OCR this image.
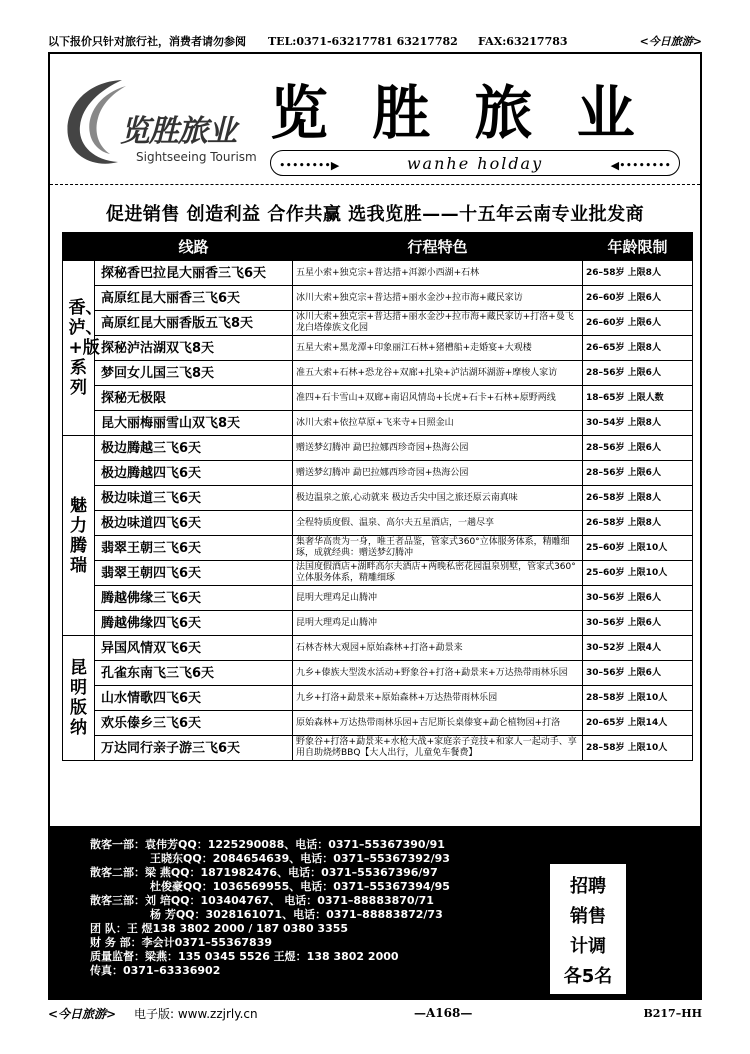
以下报价只针对旅行社，消费者请勿参阅	TEL:0371-63217781 63217782	FAX:63217783	<今日旅游>
览胜旅业
Sightseeing Tourism
览 胜 旅 业
••••••••▶	wanhe holday	◀••••••••
促进销售 创造利益 合作共赢 选我览胜——十五年云南专业批发商
	线路	行程特色	年龄限制

香、泸、+版系列	探秘香巴拉昆大丽香三飞6天	五星小索+独克宗+普达措+洱源小西湖+石林	26–58岁 上限8人
	高原红昆大丽香三飞6天	冰川大索+独克宗+普达措+丽水金沙+拉市海+藏民家访	26–60岁 上限6人
	高原红昆大丽香版五飞8天	冰川大索+独克宗+普达措+丽水金沙+拉市海+藏民家访+打洛+曼飞龙白塔傣族文化园	26–60岁 上限6人
	探秘泸沽湖双飞8天	五星大索+黑龙潭+印象丽江石林+猪槽船+走婚宴+大观楼	26–65岁 上限8人
	梦回女儿国三飞8天	准五大索+石林+恐龙谷+双廊+扎染+泸沽湖环湖游+摩梭人家访	28–56岁 上限6人
	探秘无极限	准四+石卡雪山+双廊+南诏风情岛+长虎+石卡+石林+原野两线	18–65岁 上限人数
	昆大丽梅丽雪山双飞8天	冰川大索+依拉草原+飞来寺+日照金山	30–54岁 上限8人

魅力腾瑞	极边腾越三飞6天	赠送梦幻腾冲 勐巴拉娜西珍奇园+热海公园	28–56岁 上限6人
	极边腾越四飞6天	赠送梦幻腾冲 勐巴拉娜西珍奇园+热海公园	28–56岁 上限6人
	极边味道三飞6天	极边温泉之旅,心动就来 极边舌尖中国之旅还原云南真味	26–58岁 上限8人
	极边味道四飞6天	全程特质度假、温泉、高尔夫五星酒店，一趟尽享	26–58岁 上限8人
	翡翠王朝三飞6天	集奢华高贵为一身，唯王者品鉴，管家式360°立体服务体系，精雕细琢，成就经典：赠送梦幻腾冲	25–60岁 上限10人
	翡翠王朝四飞6天	法国度假酒店+湖畔高尔夫酒店+两晚私密花园温泉别墅，管家式360°立体服务体系，精雕细琢	25–60岁 上限10人
	腾越佛缘三飞6天	昆明大理鸡足山腾冲	30–56岁 上限6人
	腾越佛缘四飞6天	昆明大理鸡足山腾冲	30–56岁 上限6人

昆明版纳	异国风情双飞6天	石林杏林大观园+原始森林+打洛+勐景来	30–52岁 上限4人
	孔雀东南飞三飞6天	九乡+傣族大型泼水活动+野象谷+打洛+勐景来+万达热带雨林乐园	30–56岁 上限6人
	山水情歌四飞6天	九乡+打洛+勐景来+原始森林+万达热带雨林乐园	28–58岁 上限10人
	欢乐傣乡三飞6天	原始森林+万达热带雨林乐园+吉尼斯长桌傣宴+勐仑植物园+打洛	20–65岁 上限14人
	万达同行亲子游三飞6天	野象谷+打洛+勐景来+水枪大战+家庭亲子竞技+和家人一起动手、享用自助烧烤BBQ【大人出行，儿童免车餐费】	28–58岁 上限10人
散客一部：袁伟芳QQ：1225290088、电话：0371–55367390/91
王晓东QQ：2084654639、电话：0371–55367392/93
散客二部：梁 燕QQ：1871982476、电话：0371–55367396/97
杜俊豪QQ：1036569955、电话：0371–55367394/95
散客三部：刘 培QQ：103404767、 电话：0371–88883870/71
杨 芳QQ：3028161071、电话：0371–88883872/73
团 队：王 煜138 3802 2000 / 187 0380 3355
财 务 部：李会计0371–55367839
质量监督：梁燕：135 0345 5526 王煜：138 3802 2000
传真：0371–63336902
招聘
销售
计调
各5名
<今日旅游>	电子版: www.zzjrly.cn	—A168—	B217–HH
